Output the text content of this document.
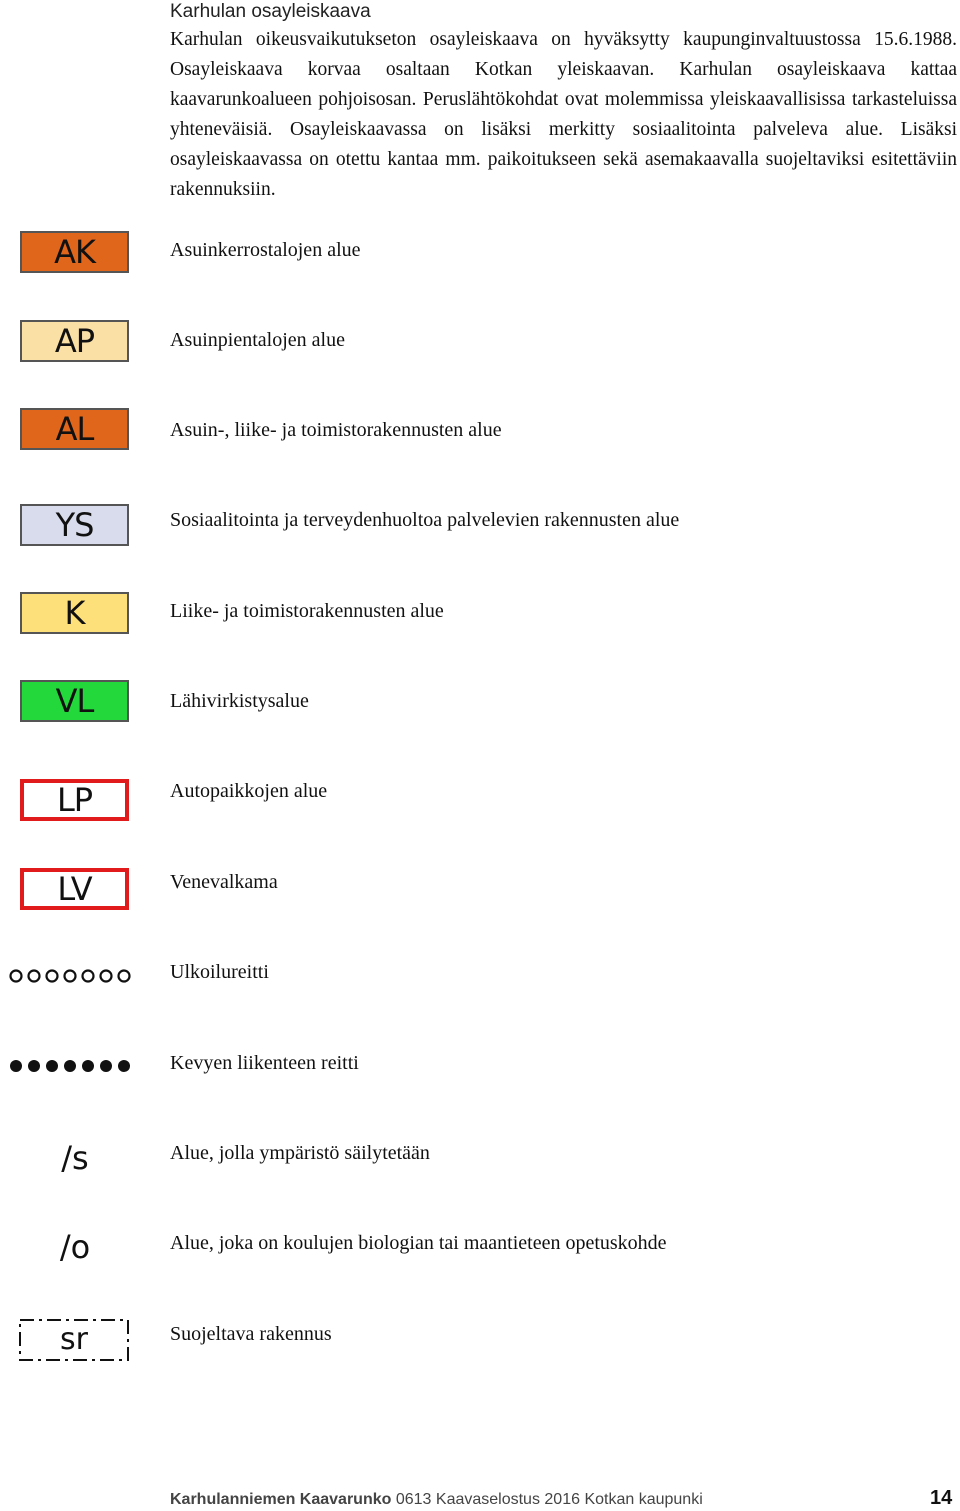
Karhulan osayleiskaava

Karhulan oikeusvaikutukseton osayleiskaava on hyväksytty kaupunginvaltuustossa 15.6.1988. Osayleiskaava korvaa osaltaan Kotkan yleiskaavan. Karhulan osayleiskaava kattaa kaavarunkoalueen pohjoisosan. Peruslähtökohdat ovat molemmissa yleiskaavallisissa tarkasteluissa yhteneväisiä. Osayleiskaavassa on lisäksi merkitty sosiaalitointa palveleva alue. Lisäksi osayleiskaavassa on otettu kantaa mm. paikoitukseen sekä asemakaavalla suojeltaviksi esitettäviin rakennuksiin.

AK	Asuinkerrostalojen alue
AP	Asuinpientalojen alue
AL	Asuin-, liike- ja toimistorakennusten alue
YS	Sosiaalitointa ja terveydenhuoltoa palvelevien rakennusten alue
K	Liike- ja toimistorakennusten alue
VL	Lähivirkistysalue
LP	Autopaikkojen alue
LV	Venevalkama
Ulkoilureitti
Kevyen liikenteen reitti
/s	Alue, jolla ympäristö säilytetään
/o	Alue, joka on koulujen biologian tai maantieteen opetuskohde
sr	Suojeltava rakennus
Karhulanniemen Kaavarunko 0613 Kaavaselostus 2016 Kotkan kaupunki	14
